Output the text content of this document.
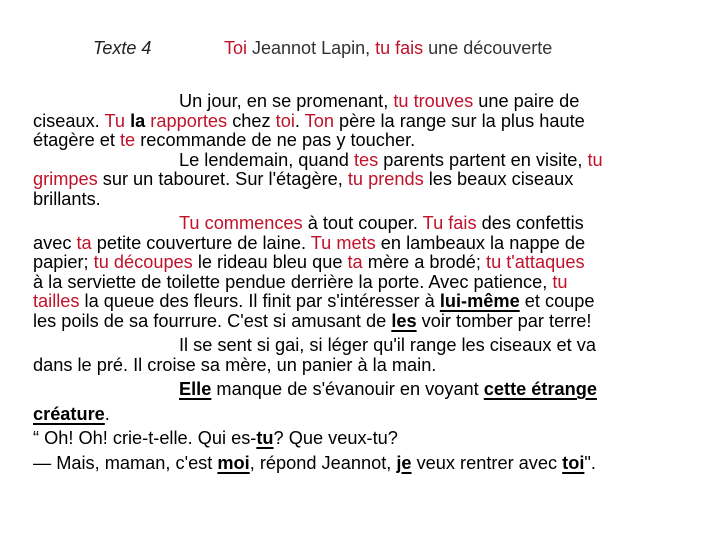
Texte 4	Toi Jeannot Lapin, tu fais une découverte
Un jour, en se promenant, tu trouves une paire de
ciseaux. Tu la rapportes chez toi. Ton père la range sur la plus haute
étagère et te recommande de ne pas y toucher.
Le lendemain, quand tes parents partent en visite, tu
grimpes sur un tabouret. Sur l'étagère, tu prends les beaux ciseaux
brillants.
Tu commences à tout couper. Tu fais des confettis
avec ta petite couverture de laine. Tu mets en lambeaux la nappe de
papier; tu découpes le rideau bleu que ta mère a brodé; tu t'attaques
à la serviette de toilette pendue derrière la porte. Avec patience, tu
tailles la queue des fleurs. Il finit par s'intéresser à lui-même et coupe
les poils de sa fourrure. C'est si amusant de les voir tomber par terre!
Il se sent si gai, si léger qu'il range les ciseaux et va
dans le pré. Il croise sa mère, un panier à la main.
Elle manque de s'évanouir en voyant cette étrange
créature.
“ Oh! Oh! crie-t-elle. Qui es-tu? Que veux-tu?
— Mais, maman, c'est moi, répond Jeannot, je veux rentrer avec toi".
